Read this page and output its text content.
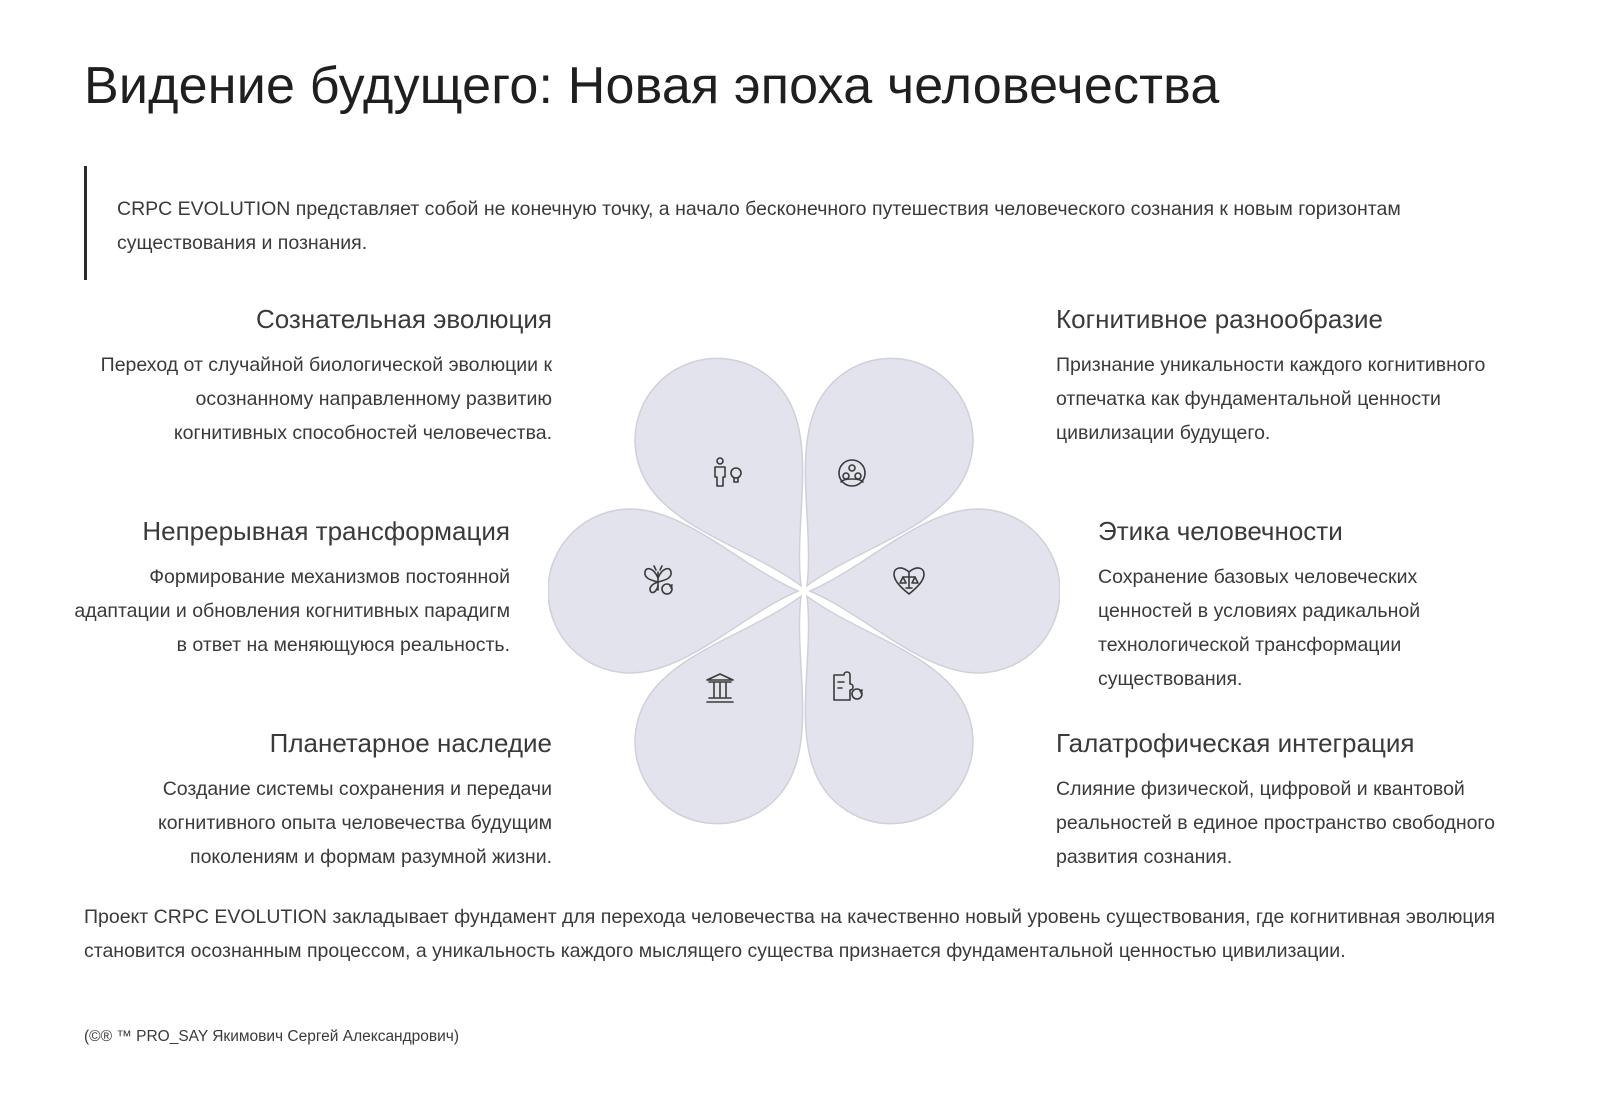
Видение будущего: Новая эпоха человечества

CRPC EVOLUTION представляет собой не конечную точку, а начало бесконечного путешествия человеческого сознания к новым горизонтам существования и познания.

Сознательная эволюция

Переход от случайной биологической эволюции к осознанному направленному развитию когнитивных способностей человечества.

Непрерывная трансформация

Формирование механизмов постоянной адаптации и обновления когнитивных парадигм в ответ на меняющуюся реальность.

Планетарное наследие

Создание системы сохранения и передачи когнитивного опыта человечества будущим поколениям и формам разумной жизни.

Когнитивное разнообразие

Признание уникальности каждого когнитивного отпечатка как фундаментальной ценности цивилизации будущего.

Этика человечности

Сохранение базовых человеческих ценностей в условиях радикальной технологической трансформации существования.

Галатрофическая интеграция

Слияние физической, цифровой и квантовой реальностей в единое пространство свободного развития сознания.

Проект CRPC EVOLUTION закладывает фундамент для перехода человечества на качественно новый уровень существования, где когнитивная эволюция становится осознанным процессом, а уникальность каждого мыслящего существа признается фундаментальной ценностью цивилизации.

(©® ™ PRO_SAY Якимович Сергей Александрович)
